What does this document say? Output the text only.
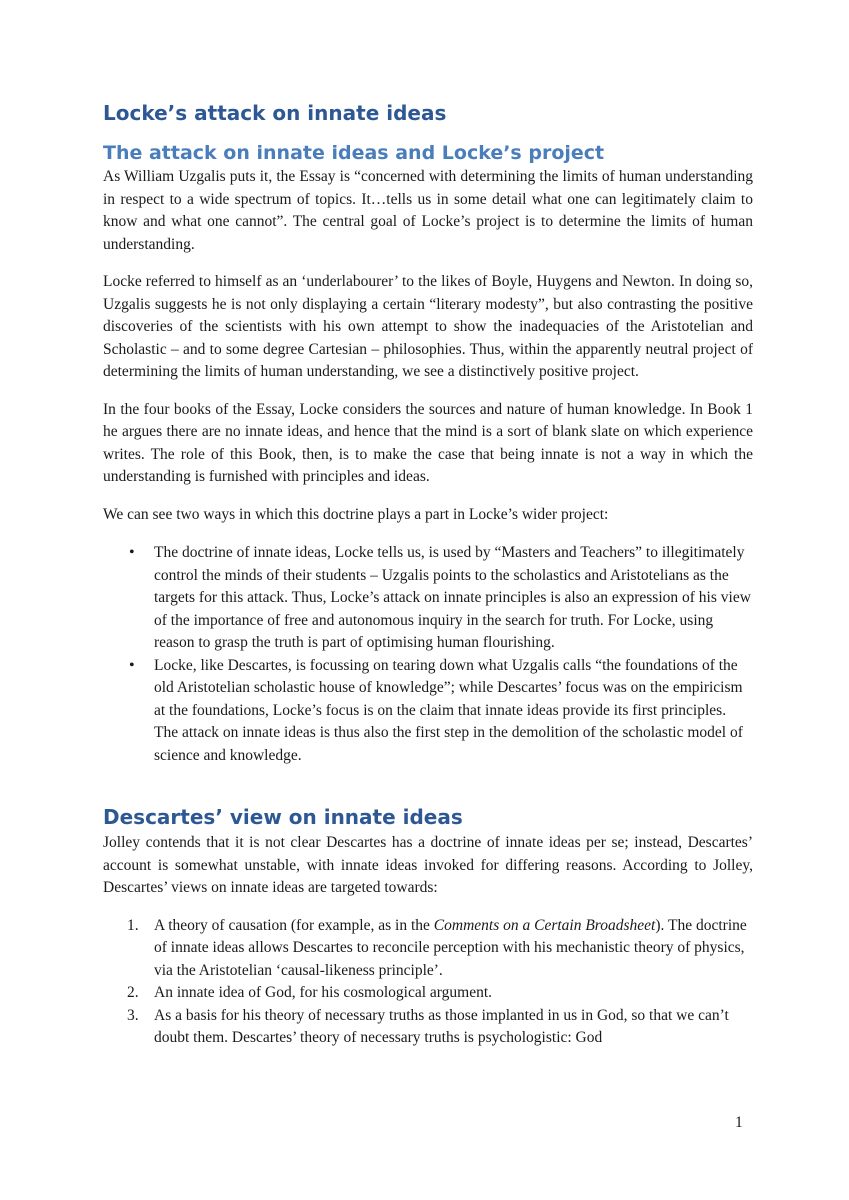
Locke’s attack on innate ideas
The attack on innate ideas and Locke’s project

As William Uzgalis puts it, the Essay is “concerned with determining the limits of human understanding in respect to a wide spectrum of topics. It…tells us in some detail what one can legitimately claim to know and what one cannot”. The central goal of Locke’s project is to determine the limits of human understanding.

Locke referred to himself as an ‘underlabourer’ to the likes of Boyle, Huygens and Newton. In doing so, Uzgalis suggests he is not only displaying a certain “literary modesty”, but also contrasting the positive discoveries of the scientists with his own attempt to show the inadequacies of the Aristotelian and Scholastic – and to some degree Cartesian – philosophies. Thus, within the apparently neutral project of determining the limits of human understanding, we see a distinctively positive project.

In the four books of the Essay, Locke considers the sources and nature of human knowledge. In Book 1 he argues there are no innate ideas, and hence that the mind is a sort of blank slate on which experience writes. The role of this Book, then, is to make the case that being innate is not a way in which the understanding is furnished with principles and ideas.

We can see two ways in which this doctrine plays a part in Locke’s wider project:

• The doctrine of innate ideas, Locke tells us, is used by “Masters and Teachers” to illegitimately control the minds of their students – Uzgalis points to the scholastics and Aristotelians as the targets for this attack. Thus, Locke’s attack on innate principles is also an expression of his view of the importance of free and autonomous inquiry in the search for truth. For Locke, using reason to grasp the truth is part of optimising human flourishing.
• Locke, like Descartes, is focussing on tearing down what Uzgalis calls “the foundations of the old Aristotelian scholastic house of knowledge”; while Descartes’ focus was on the empiricism at the foundations, Locke’s focus is on the claim that innate ideas provide its first principles. The attack on innate ideas is thus also the first step in the demolition of the scholastic model of science and knowledge.
Descartes’ view on innate ideas

Jolley contends that it is not clear Descartes has a doctrine of innate ideas per se; instead, Descartes’ account is somewhat unstable, with innate ideas invoked for differing reasons. According to Jolley, Descartes’ views on innate ideas are targeted towards:

1. A theory of causation (for example, as in the Comments on a Certain Broadsheet). The doctrine of innate ideas allows Descartes to reconcile perception with his mechanistic theory of physics, via the Aristotelian ‘causal-likeness principle’.
2. An innate idea of God, for his cosmological argument.
3. As a basis for his theory of necessary truths as those implanted in us in God, so that we can’t doubt them. Descartes’ theory of necessary truths is psychologistic: God
1
